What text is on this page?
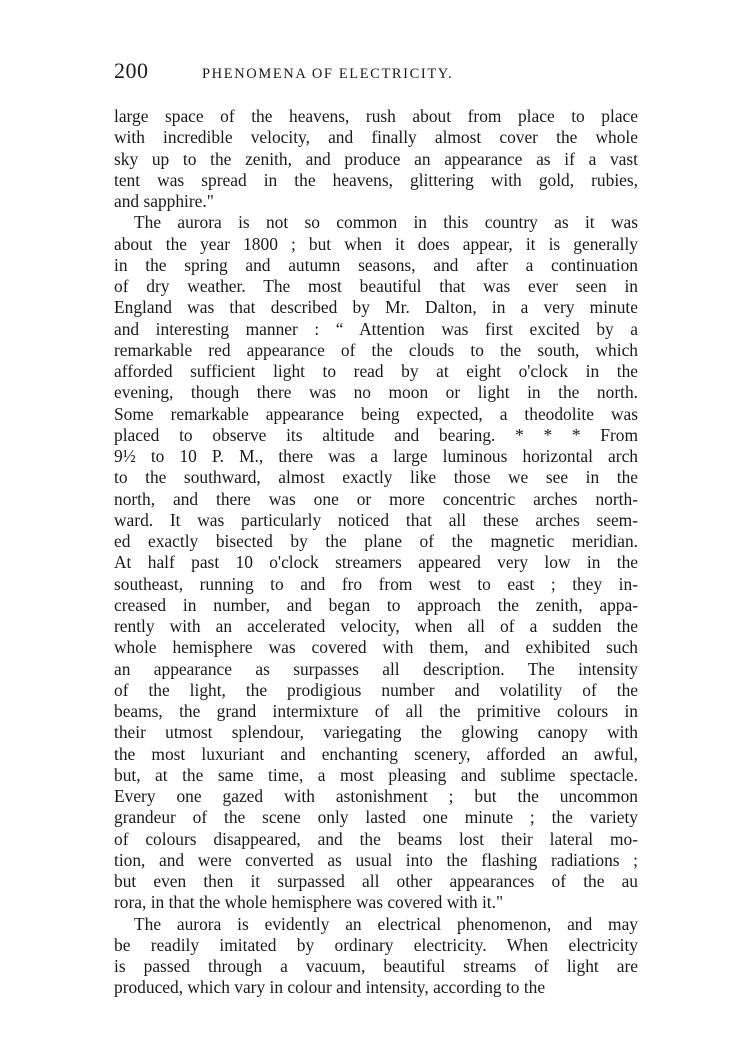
200	PHENOMENA OF ELECTRICITY.
large space of the heavens, rush about from place to place
with incredible velocity, and finally almost cover the whole
sky up to the zenith, and produce an appearance as if a vast
tent was spread in the heavens, glittering with gold, rubies,
and sapphire."
The aurora is not so common in this country as it was
about the year 1800 ; but when it does appear, it is generally
in the spring and autumn seasons, and after a continuation
of dry weather. The most beautiful that was ever seen in
England was that described by Mr. Dalton, in a very minute
and interesting manner : “ Attention was first excited by a
remarkable red appearance of the clouds to the south, which
afforded sufficient light to read by at eight o'clock in the
evening, though there was no moon or light in the north.
Some remarkable appearance being expected, a theodolite was
placed to observe its altitude and bearing. * * * From
9½ to 10 P. M., there was a large luminous horizontal arch
to the southward, almost exactly like those we see in the
north, and there was one or more concentric arches north-
ward. It was particularly noticed that all these arches seem-
ed exactly bisected by the plane of the magnetic meridian.
At half past 10 o'clock streamers appeared very low in the
southeast, running to and fro from west to east ; they in-
creased in number, and began to approach the zenith, appa-
rently with an accelerated velocity, when all of a sudden the
whole hemisphere was covered with them, and exhibited such
an appearance as surpasses all description. The intensity
of the light, the prodigious number and volatility of the
beams, the grand intermixture of all the primitive colours in
their utmost splendour, variegating the glowing canopy with
the most luxuriant and enchanting scenery, afforded an awful,
but, at the same time, a most pleasing and sublime spectacle.
Every one gazed with astonishment ; but the uncommon
grandeur of the scene only lasted one minute ; the variety
of colours disappeared, and the beams lost their lateral mo-
tion, and were converted as usual into the flashing radiations ;
but even then it surpassed all other appearances of the au
rora, in that the whole hemisphere was covered with it."
The aurora is evidently an electrical phenomenon, and may
be readily imitated by ordinary electricity. When electricity
is passed through a vacuum, beautiful streams of light are
produced, which vary in colour and intensity, according to the
